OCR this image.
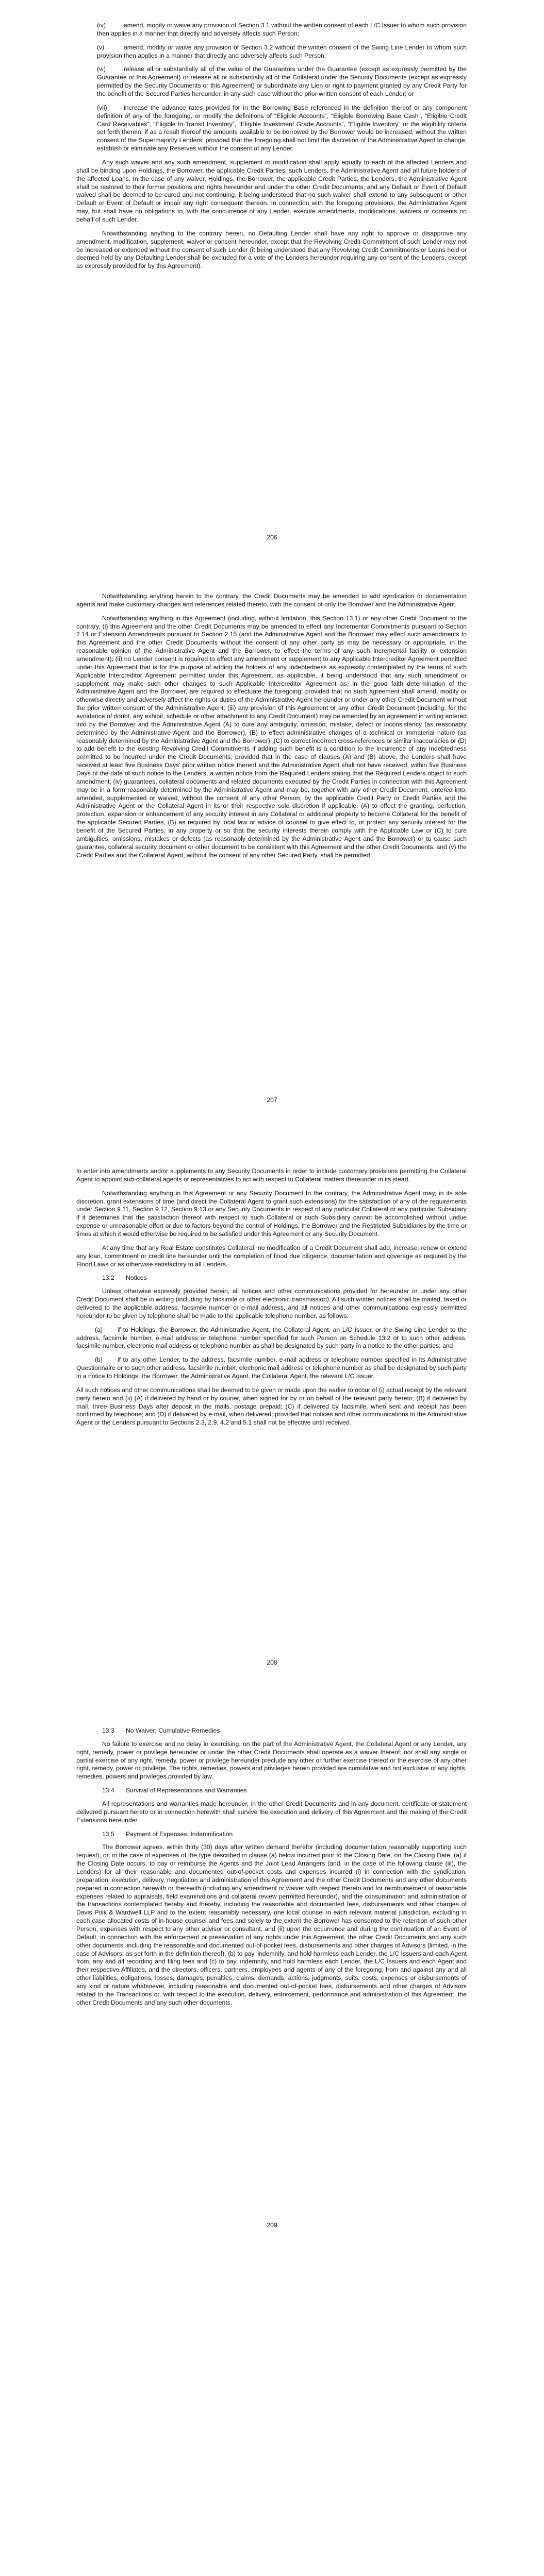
(iv)	amend, modify or waive any provision of Section 3.1 without the written consent of each L/C Issuer to whom such provision then applies in a manner that directly and adversely affects such Person;

(v)	amend, modify or waive any provision of Section 3.2 without the written consent of the Swing Line Lender to whom such provision then applies in a manner that directly and adversely affects such Person;

(vi)	release all or substantially all of the value of the Guarantors under the Guarantee (except as expressly permitted by the Guarantee or this Agreement) or release all or substantially all of the Collateral under the Security Documents (except as expressly permitted by the Security Documents or this Agreement) or subordinate any Lien or right to payment granted by any Credit Party for the benefit of the Secured Parties hereunder, in any such case without the prior written consent of each Lender; or

(vii)	increase the advance rates provided for in the Borrowing Base referenced in the definition thereof or any component definition of any of the foregoing, or modify the definitions of “Eligible Accounts”, “Eligible Borrowing Base Cash”, “Eligible Credit Card Receivables”, “Eligible In-Transit Inventory”, “Eligible Investment Grade Accounts”, “Eligible Inventory” or the eligibility criteria set forth therein, if as a result thereof the amounts available to be borrowed by the Borrower would be increased, without the written consent of the Supermajority Lenders; provided that the foregoing shall not limit the discretion of the Administrative Agent to change, establish or eliminate any Reserves without the consent of any Lender.

Any such waiver and any such amendment, supplement or modification shall apply equally to each of the affected Lenders and shall be binding upon Holdings, the Borrower, the applicable Credit Parties, such Lenders, the Administrative Agent and all future holders of the affected Loans. In the case of any waiver, Holdings, the Borrower, the applicable Credit Parties, the Lenders, the Administrative Agent shall be restored to their former positions and rights hereunder and under the other Credit Documents, and any Default or Event of Default waived shall be deemed to be cured and not continuing, it being understood that no such waiver shall extend to any subsequent or other Default or Event of Default or impair any right consequent thereon. In connection with the foregoing provisions, the Administrative Agent may, but shall have no obligations to, with the concurrence of any Lender, execute amendments, modifications, waivers or consents on behalf of such Lender.

Notwithstanding anything to the contrary herein, no Defaulting Lender shall have any right to approve or disapprove any amendment, modification, supplement, waiver or consent hereunder, except that the Revolving Credit Commitment of such Lender may not be increased or extended without the consent of such Lender (it being understood that any Revolving Credit Commitments or Loans held or deemed held by any Defaulting Lender shall be excluded for a vote of the Lenders hereunder requiring any consent of the Lenders, except as expressly provided for by this Agreement).

206

Notwithstanding anything herein to the contrary, the Credit Documents may be amended to add syndication or documentation agents and make customary changes and references related thereto, with the consent of only the Borrower and the Administrative Agent.

Notwithstanding anything in this Agreement (including, without limitation, this Section 13.1) or any other Credit Document to the contrary, (i) this Agreement and the other Credit Documents may be amended to effect any Incremental Commitments pursuant to Section 2.14 or Extension Amendments pursuant to Section 2.15 (and the Administrative Agent and the Borrower may effect such amendments to this Agreement and the other Credit Documents without the consent of any other party as may be necessary or appropriate, in the reasonable opinion of the Administrative Agent and the Borrower, to effect the terms of any such incremental facility or extension amendment); (ii) no Lender consent is required to effect any amendment or supplement to any Applicable Intercreditor Agreement permitted under this Agreement that is for the purpose of adding the holders of any Indebtedness as expressly contemplated by the terms of such Applicable Intercreditor Agreement permitted under this Agreement, as applicable, it being understood that any such amendment or supplement may make such other changes to such Applicable Intercreditor Agreement as, in the good faith determination of the Administrative Agent and the Borrower, are required to effectuate the foregoing; provided that no such agreement shall amend, modify or otherwise directly and adversely affect the rights or duties of the Administrative Agent hereunder or under any other Credit Document without the prior written consent of the Administrative Agent; (iii) any provision of this Agreement or any other Credit Document (including, for the avoidance of doubt, any exhibit, schedule or other attachment to any Credit Document) may be amended by an agreement in writing entered into by the Borrower and the Administrative Agent (A) to cure any ambiguity, omission, mistake, defect or inconsistency (as reasonably determined by the Administrative Agent and the Borrower), (B) to effect administrative changes of a technical or immaterial nature (as reasonably determined by the Administrative Agent and the Borrower), (C) to correct incorrect cross-references or similar inaccuracies or (D) to add benefit to the existing Revolving Credit Commitments if adding such benefit is a condition to the incurrence of any Indebtedness permitted to be incurred under the Credit Documents; provided that in the case of clauses (A) and (B) above, the Lenders shall have received at least five Business Days’ prior written notice thereof and the Administrative Agent shall not have received, within five Business Days of the date of such notice to the Lenders, a written notice from the Required Lenders stating that the Required Lenders object to such amendment; (iv) guarantees, collateral documents and related documents executed by the Credit Parties in connection with this Agreement may be in a form reasonably determined by the Administrative Agent and may be, together with any other Credit Document, entered into, amended, supplemented or waived, without the consent of any other Person, by the applicable Credit Party or Credit Parties and the Administrative Agent or the Collateral Agent in its or their respective sole discretion if applicable, (A) to effect the granting, perfection, protection, expansion or enhancement of any security interest in any Collateral or additional property to become Collateral for the benefit of the applicable Secured Parties, (B) as required by local law or advice of counsel to give effect to, or protect any security interest for the benefit of the Secured Parties, in any property or so that the security interests therein comply with the Applicable Law or (C) to cure ambiguities, omissions, mistakes or defects (as reasonably determined by the Administrative Agent and the Borrower) or to cause such guarantee, collateral security document or other document to be consistent with this Agreement and the other Credit Documents; and (v) the Credit Parties and the Collateral Agent, without the consent of any other Secured Party, shall be permitted

207

to enter into amendments and/or supplements to any Security Documents in order to include customary provisions permitting the Collateral Agent to appoint sub-collateral agents or representatives to act with respect to Collateral matters thereunder in its stead.

Notwithstanding anything in this Agreement or any Security Document to the contrary, the Administrative Agent may, in its sole discretion, grant extensions of time (and direct the Collateral Agent to grant such extensions) for the satisfaction of any of the requirements under Section 9.11, Section 9.12, Section 9.13 or any Security Documents in respect of any particular Collateral or any particular Subsidiary if it determines that the satisfaction thereof with respect to such Collateral or such Subsidiary cannot be accomplished without undue expense or unreasonable effort or due to factors beyond the control of Holdings, the Borrower and the Restricted Subsidiaries by the time or times at which it would otherwise be required to be satisfied under this Agreement or any Security Document.

At any time that any Real Estate constitutes Collateral, no modification of a Credit Document shall add, increase, renew or extend any loan, commitment or credit line hereunder until the completion of flood due diligence, documentation and coverage as required by the Flood Laws or as otherwise satisfactory to all Lenders.

13.2 Notices

Unless otherwise expressly provided herein, all notices and other communications provided for hereunder or under any other Credit Document shall be in writing (including by facsimile or other electronic transmission). All such written notices shall be mailed, faxed or delivered to the applicable address, facsimile number or e-mail address, and all notices and other communications expressly permitted hereunder to be given by telephone shall be made to the applicable telephone number, as follows:

(a) if to Holdings, the Borrower, the Administrative Agent, the Collateral Agent, an L/C Issuer, or the Swing Line Lender to the address, facsimile number, e-mail address or telephone number specified for such Person on Schedule 13.2 or to such other address, facsimile number, electronic mail address or telephone number as shall be designated by such party in a notice to the other parties; and

(b) if to any other Lender, to the address, facsimile number, e-mail address or telephone number specified in its Administrative Questionnaire or to such other address, facsimile number, electronic mail address or telephone number as shall be designated by such party in a notice to Holdings, the Borrower, the Administrative Agent, the Collateral Agent, the relevant L/C Issuer.

All such notices and other communications shall be deemed to be given or made upon the earlier to occur of (i) actual receipt by the relevant party hereto and (ii) (A) if delivered by hand or by courier, when signed for by or on behalf of the relevant party hereto; (B) if delivered by mail, three Business Days after deposit in the mails, postage prepaid; (C) if delivered by facsimile, when sent and receipt has been confirmed by telephone; and (D) if delivered by e-mail, when delivered; provided that notices and other communications to the Administrative Agent or the Lenders pursuant to Sections 2.3, 2.9, 4.2 and 5.1 shall not be effective until received.

208
13.3 No Waiver; Cumulative Remedies

No failure to exercise and no delay in exercising, on the part of the Administrative Agent, the Collateral Agent or any Lender, any right, remedy, power or privilege hereunder or under the other Credit Documents shall operate as a waiver thereof; nor shall any single or partial exercise of any right, remedy, power or privilege hereunder preclude any other or further exercise thereof or the exercise of any other right, remedy, power or privilege. The rights, remedies, powers and privileges herein provided are cumulative and not exclusive of any rights, remedies, powers and privileges provided by law.

13.4 Survival of Representations and Warranties

All representations and warranties made hereunder, in the other Credit Documents and in any document, certificate or statement delivered pursuant hereto or in connection herewith shall survive the execution and delivery of this Agreement and the making of the Credit Extensions hereunder.

13.5 Payment of Expenses; Indemnification

The Borrower agrees, within thirty (30) days after written demand therefor (including documentation reasonably supporting such request), or, in the case of expenses of the type described in clause (a) below incurred prior to the Closing Date, on the Closing Date, (a) if the Closing Date occurs, to pay or reimburse the Agents and the Joint Lead Arrangers (and, in the case of the following clause (iii), the Lenders) for all their reasonable and documented out-of-pocket costs and expenses incurred (i) in connection with the syndication, preparation, execution, delivery, negotiation and administration of this Agreement and the other Credit Documents and any other documents prepared in connection herewith or therewith (including any amendment or waiver with respect thereto and for reimbursement of reasonable expenses related to appraisals, field examinations and collateral review permitted hereunder), and the consummation and administration of the transactions contemplated hereby and thereby, including the reasonable and documented fees, disbursements and other charges of Davis Polk & Wardwell LLP and to the extent reasonably necessary, one local counsel in each relevant material jurisdiction, excluding in each case allocated costs of in-house counsel and fees and solely to the extent the Borrower has consented to the retention of such other Person, expenses with respect to any other advisor or consultant, and (ii) upon the occurrence and during the continuation of an Event of Default, in connection with the enforcement or preservation of any rights under this Agreement, the other Credit Documents and any such other documents, including the reasonable and documented out-of-pocket fees, disbursements and other charges of Advisors (limited, in the case of Advisors, as set forth in the definition thereof), (b) to pay, indemnify, and hold harmless each Lender, the L/C Issuers and each Agent from, any and all recording and filing fees and (c) to pay, indemnify, and hold harmless each Lender, the L/C Issuers and each Agent and their respective Affiliates, and the directors, officers, partners, employees and agents of any of the foregoing, from and against any and all other liabilities, obligations, losses, damages, penalties, claims, demands, actions, judgments, suits, costs, expenses or disbursements of any kind or nature whatsoever, including reasonable and documented out-of-pocket fees, disbursements and other charges of Advisors related to the Transactions or, with respect to the execution, delivery, enforcement, performance and administration of this Agreement, the other Credit Documents and any such other documents,

209
